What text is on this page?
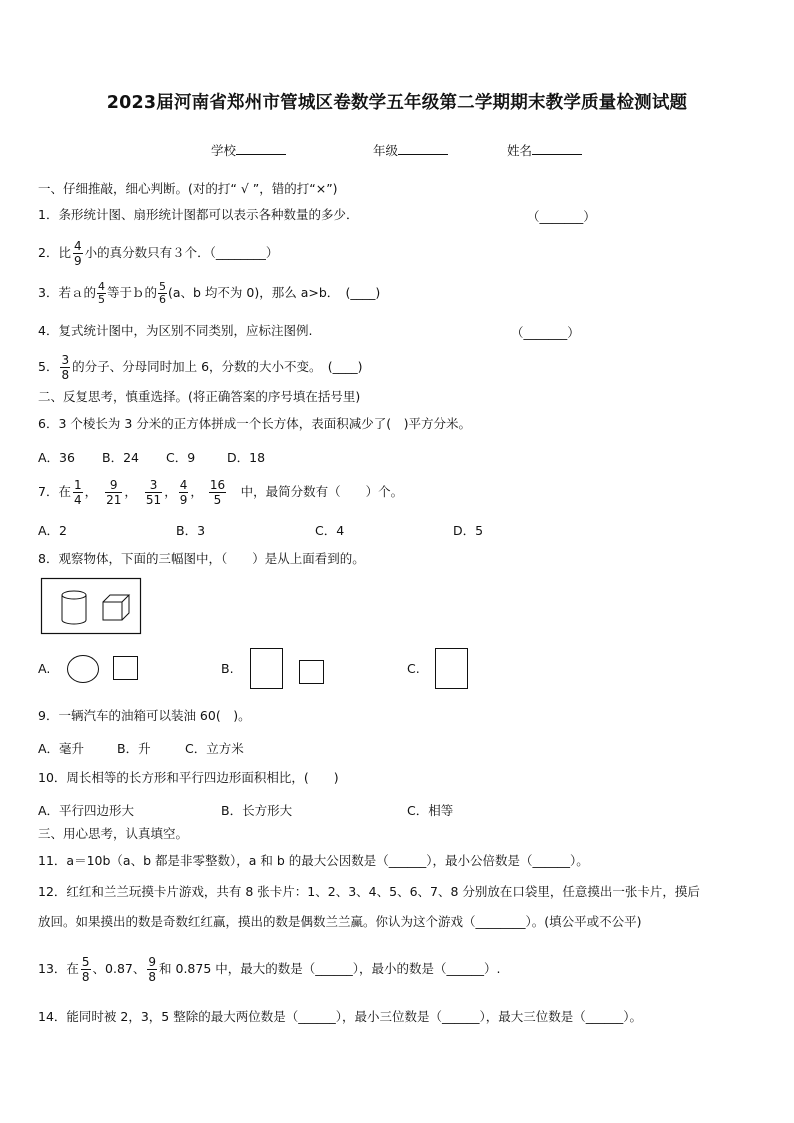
2023届河南省郑州市管城区卷数学五年级第二学期期末教学质量检测试题
学校	年级	姓名
一、仔细推敲，细心判断。(对的打“ √ ”，错的打“×”)
1．条形统计图、扇形统计图都可以表示各种数量的多少．	（_______）
2．比 $\frac{4}{9}$ 小的真分数只有３个．（________）
3．若ａ的 $\frac{4}{5}$ 等于ｂ的 $\frac{5}{6} (a$、b 均不为 0)，那么 a>b．　(____)
4．复式统计图中，为区别不同类别，应标注图例.	（_______）
5． $\frac{3}{8}$ 的分子、分母同时加上 6，分数的大小不变。　(____)
二、反复思考，慎重选择。(将正确答案的序号填在括号里)
6．3 个棱长为 3 分米的正方体拼成一个长方体，表面积减少了(　)平方分米。
A．36 B．24 C．9	D．18
7．在 $\frac{1}{4}$ ， $\frac{9}{21}$ ， $\frac{3}{51}$ ， $\frac{4}{9}$ ， $\frac{16}{5}$
　 中，最简分数有（　　）个。
A．2	B．3	C．4	D．5
8．观察物体，下面的三幅图中，（　　）是从上面看到的。
A.	B.	C.
9．一辆汽车的油箱可以装油 60(　)。
A．毫升	B．升	C．立方米
10．周长相等的长方形和平行四边形面积相比，(　　)
A．平行四边形大	B．长方形大	C．相等
三、用心思考，认真填空。
11．a＝10b（a、b 都是非零整数），a 和 b 的最大公因数是（______），最小公倍数是（______）。
12．红红和兰兰玩摸卡片游戏，共有 8 张卡片：1、2、3、4、5、6、7、8 分别放在口袋里，任意摸出一张卡片，摸后
放回。如果摸出的数是奇数红红赢，摸出的数是偶数兰兰赢。你认为这个游戏（________）。(填公平或不公平)
13．在 $\frac{5}{8}$ 、0.87、 $\frac{9}{8}$ 和 0.875 中，最大的数是（______），最小的数是（______）.
14．能同时被 2，3，5 整除的最大两位数是（______），最小三位数是（______），最大三位数是（______）。
